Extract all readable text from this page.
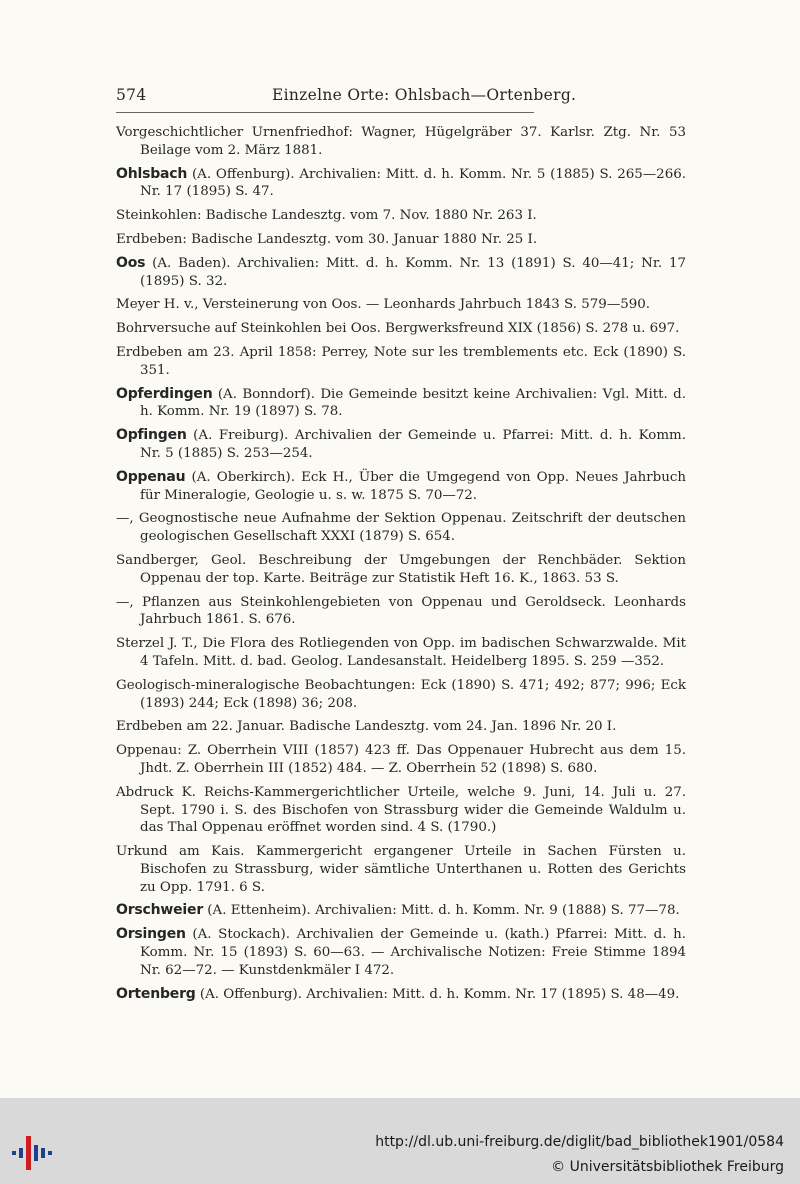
574	Einzelne Orte: Ohlsbach—Ortenberg.

Vorgeschichtlicher Urnenfriedhof: Wagner, Hügelgräber 37. Karlsr. Ztg. Nr. 53 Beilage vom 2. März 1881.

Ohlsbach (A. Offenburg). Archivalien: Mitt. d. h. Komm. Nr. 5 (1885) S. 265—266. Nr. 17 (1895) S. 47.

Steinkohlen: Badische Landesztg. vom 7. Nov. 1880 Nr. 263 I.

Erdbeben: Badische Landesztg. vom 30. Januar 1880 Nr. 25 I.

Oos (A. Baden). Archivalien: Mitt. d. h. Komm. Nr. 13 (1891) S. 40—41; Nr. 17 (1895) S. 32.

Meyer H. v., Versteinerung von Oos. — Leonhards Jahrbuch 1843 S. 579—590.

Bohrversuche auf Steinkohlen bei Oos. Bergwerksfreund XIX (1856) S. 278 u. 697.

Erdbeben am 23. April 1858: Perrey, Note sur les tremblements etc. Eck (1890) S. 351.

Opferdingen (A. Bonndorf). Die Gemeinde besitzt keine Archivalien: Vgl. Mitt. d. h. Komm. Nr. 19 (1897) S. 78.

Opfingen (A. Freiburg). Archivalien der Gemeinde u. Pfarrei: Mitt. d. h. Komm. Nr. 5 (1885) S. 253—254.

Oppenau (A. Oberkirch). Eck H., Über die Umgegend von Opp. Neues Jahrbuch für Mineralogie, Geologie u. s. w. 1875 S. 70—72.

—, Geognostische neue Aufnahme der Sektion Oppenau. Zeitschrift der deutschen geologischen Gesellschaft XXXI (1879) S. 654.

Sandberger, Geol. Beschreibung der Umgebungen der Renchbäder. Sektion Oppenau der top. Karte. Beiträge zur Statistik Heft 16. K., 1863. 53 S.

—, Pflanzen aus Steinkohlengebieten von Oppenau und Geroldseck. Leonhards Jahrbuch 1861. S. 676.

Sterzel J. T., Die Flora des Rotliegenden von Opp. im badischen Schwarzwalde. Mit 4 Tafeln. Mitt. d. bad. Geolog. Landesanstalt. Heidelberg 1895. S. 259 —352.

Geologisch-mineralogische Beobachtungen: Eck (1890) S. 471; 492; 877; 996; Eck (1893) 244; Eck (1898) 36; 208.

Erdbeben am 22. Januar. Badische Landesztg. vom 24. Jan. 1896 Nr. 20 I.

Oppenau: Z. Oberrhein VIII (1857) 423 ff. Das Oppenauer Hubrecht aus dem 15. Jhdt. Z. Oberrhein III (1852) 484. — Z. Oberrhein 52 (1898) S. 680.

Abdruck K. Reichs-Kammergerichtlicher Urteile, welche 9. Juni, 14. Juli u. 27. Sept. 1790 i. S. des Bischofen von Strassburg wider die Gemeinde Waldulm u. das Thal Oppenau eröffnet worden sind. 4 S. (1790.)

Urkund am Kais. Kammergericht ergangener Urteile in Sachen Fürsten u. Bischofen zu Strassburg, wider sämtliche Unterthanen u. Rotten des Gerichts zu Opp. 1791. 6 S.

Orschweier (A. Ettenheim). Archivalien: Mitt. d. h. Komm. Nr. 9 (1888) S. 77—78.

Orsingen (A. Stockach). Archivalien der Gemeinde u. (kath.) Pfarrei: Mitt. d. h. Komm. Nr. 15 (1893) S. 60—63. — Archivalische Notizen: Freie Stimme 1894 Nr. 62—72. — Kunstdenkmäler I 472.

Ortenberg (A. Offenburg). Archivalien: Mitt. d. h. Komm. Nr. 17 (1895) S. 48—49.

http://dl.ub.uni-freiburg.de/diglit/bad_bibliothek1901/0584
© Universitätsbibliothek Freiburg
